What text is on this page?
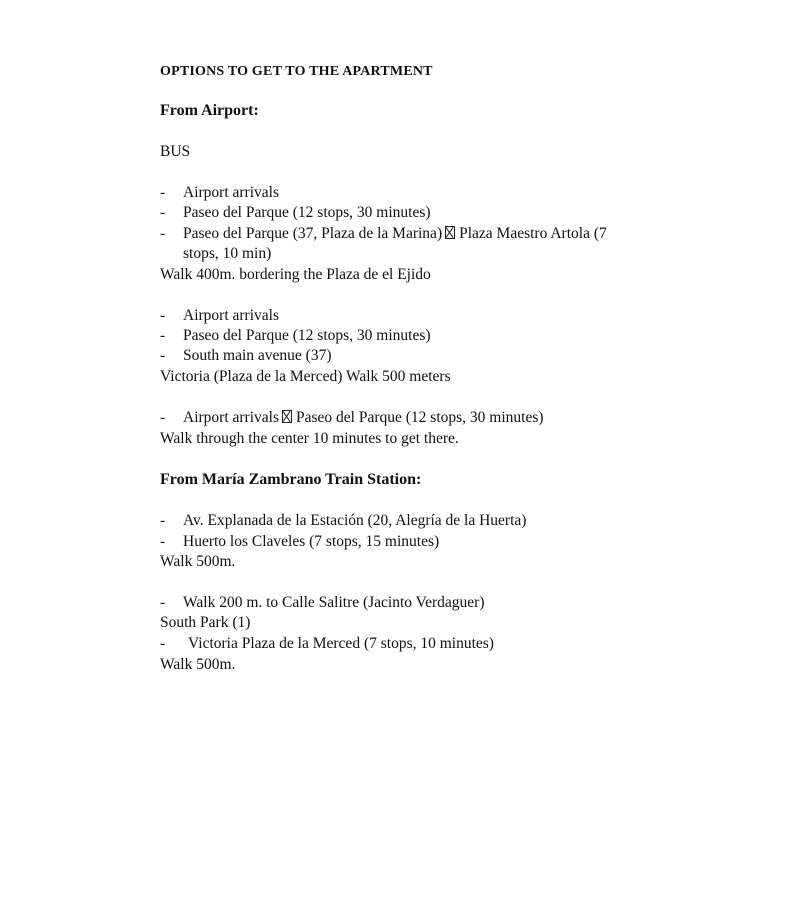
OPTIONS TO GET TO THE APARTMENT
From Airport:
BUS
-	Airport arrivals
-	Paseo del Parque (12 stops, 30 minutes)
-	Paseo del Parque (37, Plaza de la Marina) Plaza Maestro Artola (7
stops, 10 min)
Walk 400m. bordering the Plaza de el Ejido
-	Airport arrivals
-	Paseo del Parque (12 stops, 30 minutes)
-	South main avenue (37)
Victoria (Plaza de la Merced) Walk 500 meters
-	Airport arrivals Paseo del Parque (12 stops, 30 minutes)
Walk through the center 10 minutes to get there.
From María Zambrano Train Station:
-	Av. Explanada de la Estación (20, Alegría de la Huerta)
-	Huerto los Claveles (7 stops, 15 minutes)
Walk 500m.
-	Walk 200 m. to Calle Salitre (Jacinto Verdaguer)
South Park (1)
-	Victoria Plaza de la Merced (7 stops, 10 minutes)
Walk 500m.
